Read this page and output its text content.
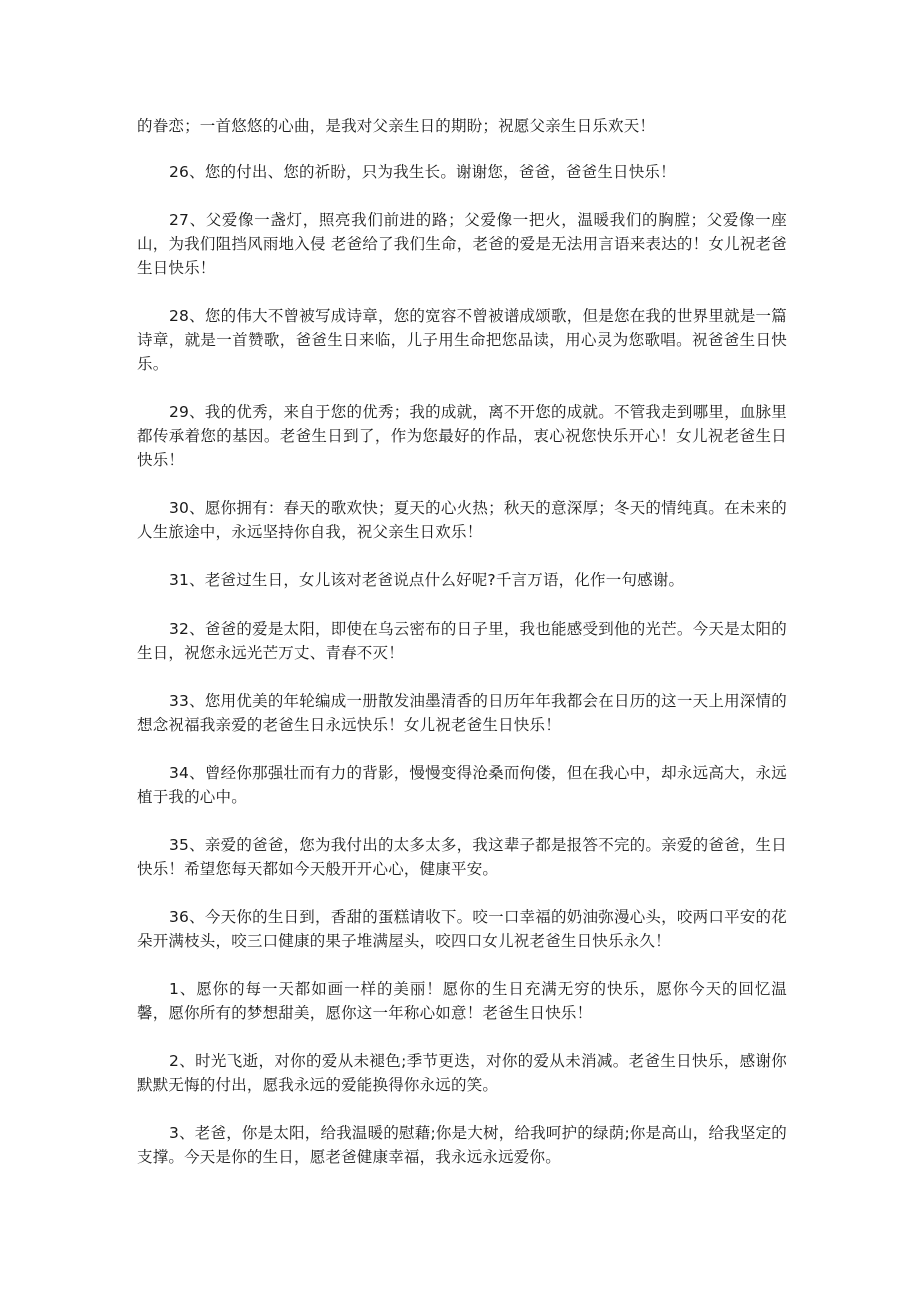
的眷恋；一首悠悠的心曲，是我对父亲生日的期盼；祝愿父亲生日乐欢天！

26、您的付出、您的祈盼，只为我生长。谢谢您，爸爸，爸爸生日快乐！

27、父爱像一盏灯，照亮我们前进的路；父爱像一把火，温暖我们的胸膛；父爱像一座山，为我们阻挡风雨地入侵 老爸给了我们生命，老爸的爱是无法用言语来表达的！女儿祝老爸生日快乐！

28、您的伟大不曾被写成诗章，您的宽容不曾被谱成颂歌，但是您在我的世界里就是一篇诗章，就是一首赞歌，爸爸生日来临，儿子用生命把您品读，用心灵为您歌唱。祝爸爸生日快乐。

29、我的优秀，来自于您的优秀；我的成就，离不开您的成就。不管我走到哪里，血脉里都传承着您的基因。老爸生日到了，作为您最好的作品，衷心祝您快乐开心！女儿祝老爸生日快乐！

30、愿你拥有：春天的歌欢快；夏天的心火热；秋天的意深厚；冬天的情纯真。在未来的人生旅途中，永远坚持你自我，祝父亲生日欢乐！

31、老爸过生日，女儿该对老爸说点什么好呢?千言万语，化作一句感谢。

32、爸爸的爱是太阳，即使在乌云密布的日子里，我也能感受到他的光芒。今天是太阳的生日，祝您永远光芒万丈、青春不灭！

33、您用优美的年轮编成一册散发油墨清香的日历年年我都会在日历的这一天上用深情的想念祝福我亲爱的老爸生日永远快乐！女儿祝老爸生日快乐！

34、曾经你那强壮而有力的背影，慢慢变得沧桑而佝偻，但在我心中，却永远高大，永远植于我的心中。

35、亲爱的爸爸，您为我付出的太多太多，我这辈子都是报答不完的。亲爱的爸爸，生日快乐！希望您每天都如今天般开开心心，健康平安。

36、今天你的生日到，香甜的蛋糕请收下。咬一口幸福的奶油弥漫心头，咬两口平安的花朵开满枝头，咬三口健康的果子堆满屋头，咬四口女儿祝老爸生日快乐永久！

1、愿你的每一天都如画一样的美丽！愿你的生日充满无穷的快乐，愿你今天的回忆温馨，愿你所有的梦想甜美，愿你这一年称心如意！老爸生日快乐！

2、时光飞逝，对你的爱从未褪色;季节更迭，对你的爱从未消减。老爸生日快乐，感谢你默默无悔的付出，愿我永远的爱能换得你永远的笑。

3、老爸，你是太阳，给我温暖的慰藉;你是大树，给我呵护的绿荫;你是高山，给我坚定的支撑。今天是你的生日，愿老爸健康幸福，我永远永远爱你。
